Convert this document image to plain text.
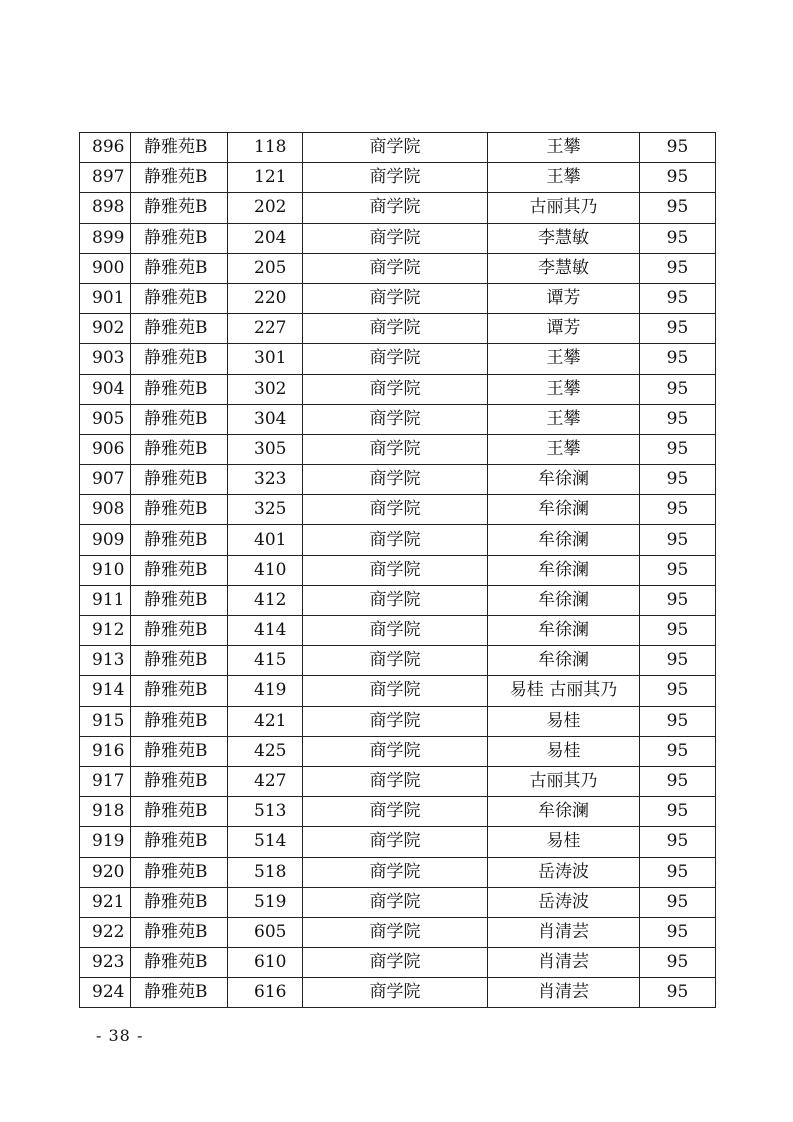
896	静雅苑B	118	商学院	王攀	95
897	静雅苑B	121	商学院	王攀	95
898	静雅苑B	202	商学院	古丽其乃	95
899	静雅苑B	204	商学院	李慧敏	95
900	静雅苑B	205	商学院	李慧敏	95
901	静雅苑B	220	商学院	谭芳	95
902	静雅苑B	227	商学院	谭芳	95
903	静雅苑B	301	商学院	王攀	95
904	静雅苑B	302	商学院	王攀	95
905	静雅苑B	304	商学院	王攀	95
906	静雅苑B	305	商学院	王攀	95
907	静雅苑B	323	商学院	牟徐澜	95
908	静雅苑B	325	商学院	牟徐澜	95
909	静雅苑B	401	商学院	牟徐澜	95
910	静雅苑B	410	商学院	牟徐澜	95
911	静雅苑B	412	商学院	牟徐澜	95
912	静雅苑B	414	商学院	牟徐澜	95
913	静雅苑B	415	商学院	牟徐澜	95
914	静雅苑B	419	商学院	易桂 古丽其乃	95
915	静雅苑B	421	商学院	易桂	95
916	静雅苑B	425	商学院	易桂	95
917	静雅苑B	427	商学院	古丽其乃	95
918	静雅苑B	513	商学院	牟徐澜	95
919	静雅苑B	514	商学院	易桂	95
920	静雅苑B	518	商学院	岳涛波	95
921	静雅苑B	519	商学院	岳涛波	95
922	静雅苑B	605	商学院	肖清芸	95
923	静雅苑B	610	商学院	肖清芸	95
924	静雅苑B	616	商学院	肖清芸	95
- 38 -
